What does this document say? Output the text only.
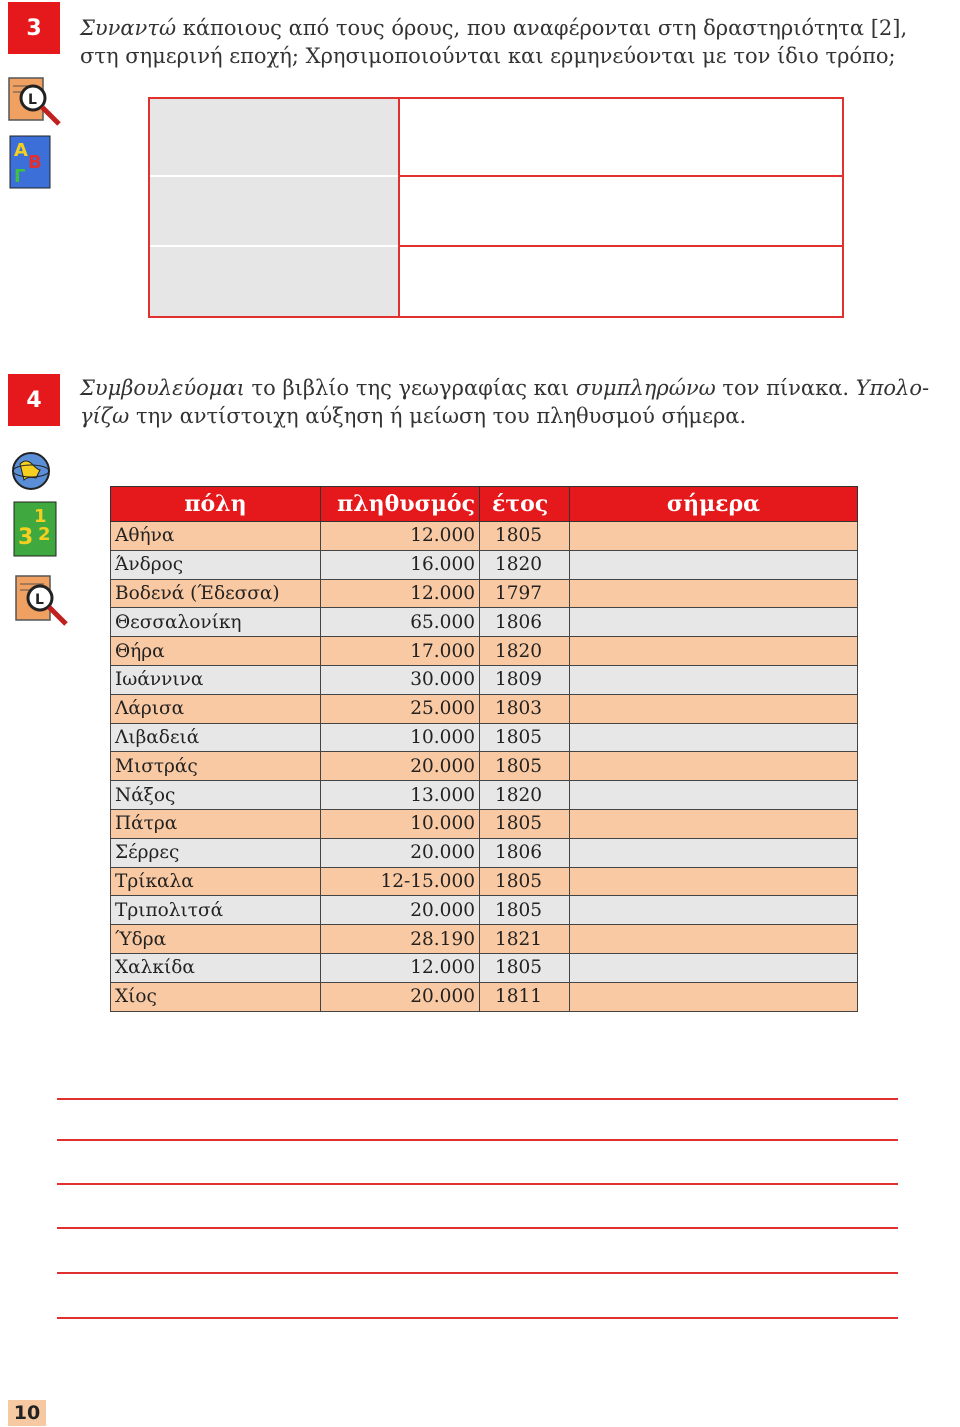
3	Συναντώ κάποιους από τους όρους, που αναφέρονται στη δραστηριότητα [2],
στη σημερινή εποχή; Χρησιμοποιούνται και ερμηνεύονται με τον ίδιο τρόπο;
L
A
B
Γ
4	Συμβουλεύομαι το βιβλίο της γεωγραφίας και συμπληρώνω τον πίνακα. Υπολο-
γίζω την αντίστοιχη αύξηση ή μείωση του πληθυσμού σήμερα.
1
2
3
L
πόλη	πληθυσμός	έτος	σήμερα
Αθήνα	12.000	1805	
Άνδρος	16.000	1820	
Βοδενά (Έδεσσα)	12.000	1797	
Θεσσαλονίκη	65.000	1806	
Θήρα	17.000	1820	
Ιωάννινα	30.000	1809	
Λάρισα	25.000	1803	
Λιβαδειά	10.000	1805	
Μιστράς	20.000	1805	
Νάξος	13.000	1820	
Πάτρα	10.000	1805	
Σέρρες	20.000	1806	
Τρίκαλα	12-15.000	1805	
Τριπολιτσά	20.000	1805	
Ύδρα	28.190	1821	
Χαλκίδα	12.000	1805	
Χίος	20.000	1811	
10
